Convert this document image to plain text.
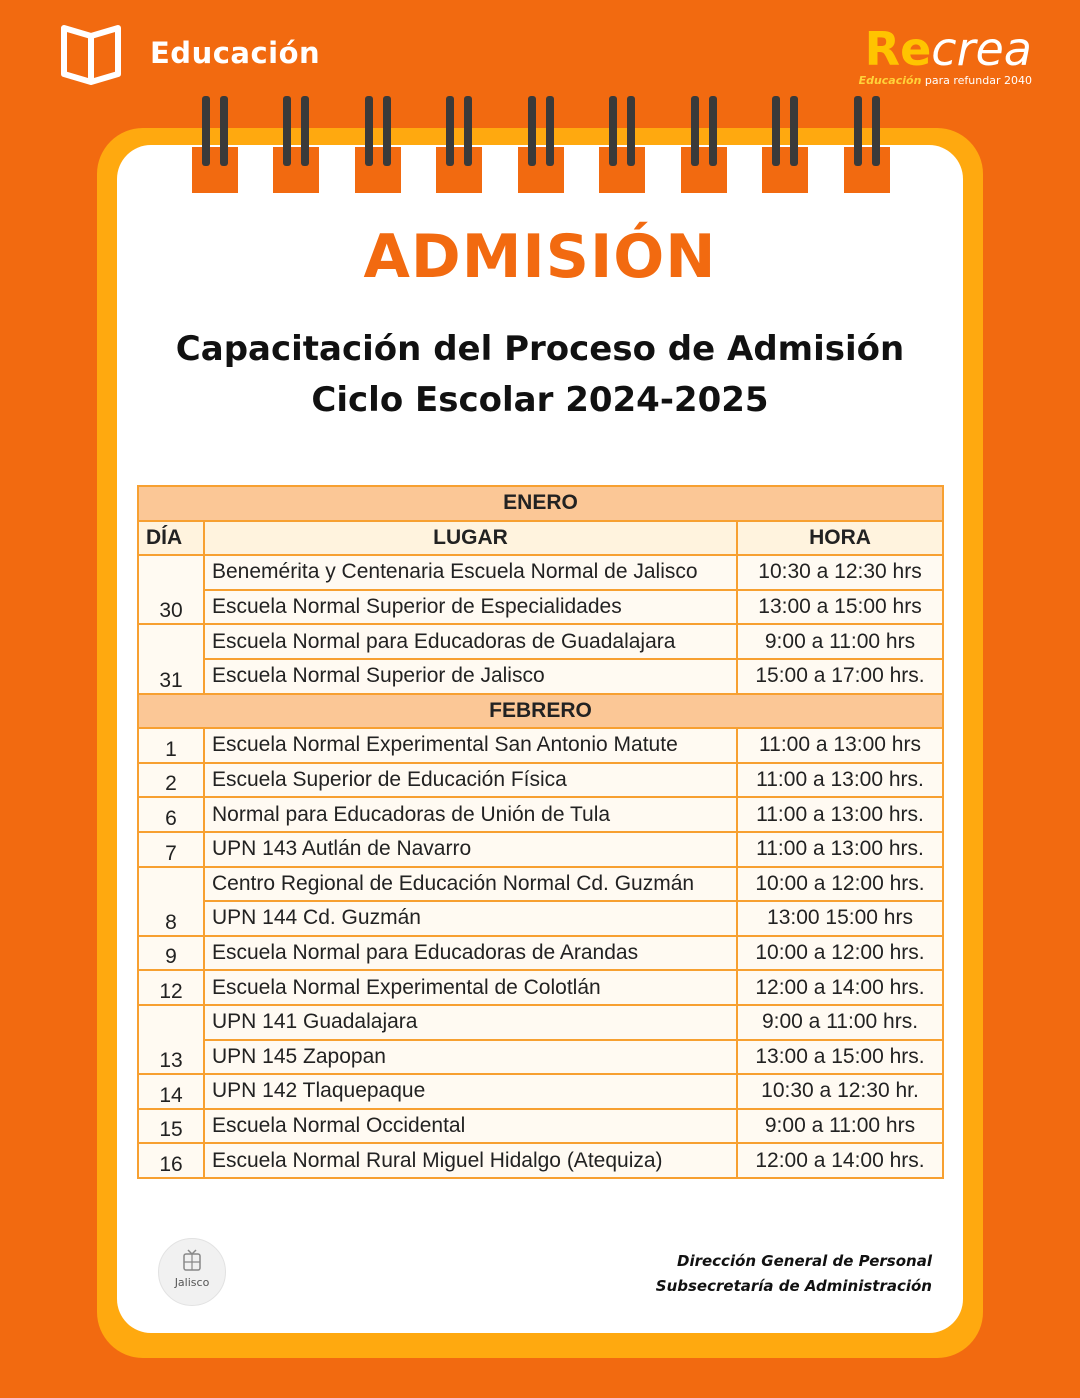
Educación	Recrea
Educación para refundar 2040
ADMISIÓN
Capacitación del Proceso de Admisión
Ciclo Escolar 2024-2025
ENERO		
DÍA	LUGAR	HORA
30	Benemérita y Centenaria Escuela Normal de Jalisco	10:30 a 12:30 hrs
	Escuela Normal Superior de Especialidades	13:00 a 15:00 hrs
31	Escuela Normal para Educadoras de Guadalajara	9:00 a 11:00 hrs
	Escuela Normal Superior de Jalisco	15:00 a 17:00 hrs.
FEBRERO		
1	Escuela Normal Experimental San Antonio Matute	11:00 a 13:00 hrs
2	Escuela Superior de Educación Física	11:00 a 13:00 hrs.
6	Normal para Educadoras de Unión de Tula	11:00 a 13:00 hrs.
7	UPN 143 Autlán de Navarro	11:00 a 13:00 hrs.
8	Centro Regional de Educación Normal Cd. Guzmán	10:00 a 12:00 hrs.
	UPN 144 Cd. Guzmán	13:00 15:00 hrs
9	Escuela Normal para Educadoras de Arandas	10:00 a 12:00 hrs.
12	Escuela Normal Experimental de Colotlán	12:00 a 14:00 hrs.
13	UPN 141 Guadalajara	9:00 a 11:00 hrs.
	UPN 145 Zapopan	13:00 a 15:00 hrs.
14	UPN 142 Tlaquepaque	10:30 a 12:30 hr.
15	Escuela Normal Occidental	9:00 a 11:00 hrs
16	Escuela Normal Rural Miguel Hidalgo (Atequiza)	12:00 a 14:00 hrs.
Jalisco
Dirección General de Personal
Subsecretaría de Administración
